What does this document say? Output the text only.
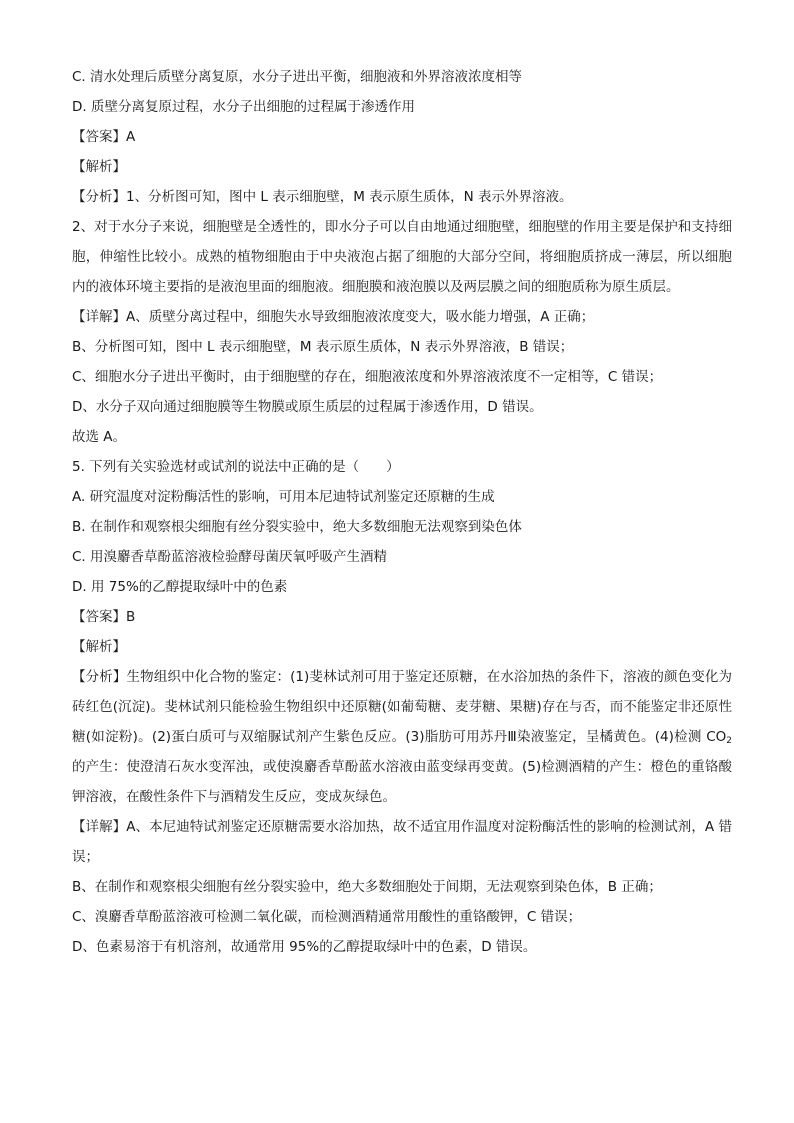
C. 清水处理后质壁分离复原，水分子进出平衡，细胞液和外界溶液浓度相等

D. 质壁分离复原过程，水分子出细胞的过程属于渗透作用

【答案】A

【解析】

【分析】1、分析图可知，图中 L 表示细胞壁，M 表示原生质体，N 表示外界溶液。

2、对于水分子来说，细胞壁是全透性的，即水分子可以自由地通过细胞壁，细胞壁的作用主要是保护和支持细胞，伸缩性比较小。成熟的植物细胞由于中央液泡占据了细胞的大部分空间，将细胞质挤成一薄层，所以细胞内的液体环境主要指的是液泡里面的细胞液。细胞膜和液泡膜以及两层膜之间的细胞质称为原生质层。

【详解】A、质壁分离过程中，细胞失水导致细胞液浓度变大，吸水能力增强，A 正确；

B、分析图可知，图中 L 表示细胞壁，M 表示原生质体，N 表示外界溶液，B 错误；

C、细胞水分子进出平衡时，由于细胞壁的存在，细胞液浓度和外界溶液浓度不一定相等，C 错误；

D、水分子双向通过细胞膜等生物膜或原生质层的过程属于渗透作用，D 错误。

故选 A。

5. 下列有关实验选材或试剂的说法中正确的是（　　）

A. 研究温度对淀粉酶活性的影响，可用本尼迪特试剂鉴定还原糖的生成

B. 在制作和观察根尖细胞有丝分裂实验中，绝大多数细胞无法观察到染色体

C. 用溴麝香草酚蓝溶液检验酵母菌厌氧呼吸产生酒精

D. 用 75%的乙醇提取绿叶中的色素

【答案】B

【解析】

【分析】生物组织中化合物的鉴定：(1)斐林试剂可用于鉴定还原糖，在水浴加热的条件下，溶液的颜色变化为砖红色(沉淀)。斐林试剂只能检验生物组织中还原糖(如葡萄糖、麦芽糖、果糖)存在与否，而不能鉴定非还原性糖(如淀粉)。(2)蛋白质可与双缩脲试剂产生紫色反应。(3)脂肪可用苏丹Ⅲ染液鉴定，呈橘黄色。(4)检测 $CO_2$的产生：使澄清石灰水变浑浊，或使溴麝香草酚蓝水溶液由蓝变绿再变黄。(5)检测酒精的产生：橙色的重铬酸钾溶液，在酸性条件下与酒精发生反应，变成灰绿色。

【详解】A、本尼迪特试剂鉴定还原糖需要水浴加热，故不适宜用作温度对淀粉酶活性的影响的检测试剂，A 错误；

B、在制作和观察根尖细胞有丝分裂实验中，绝大多数细胞处于间期，无法观察到染色体，B 正确；

C、溴麝香草酚蓝溶液可检测二氧化碳，而检测酒精通常用酸性的重铬酸钾，C 错误；

D、色素易溶于有机溶剂，故通常用 95%的乙醇提取绿叶中的色素，D 错误。
